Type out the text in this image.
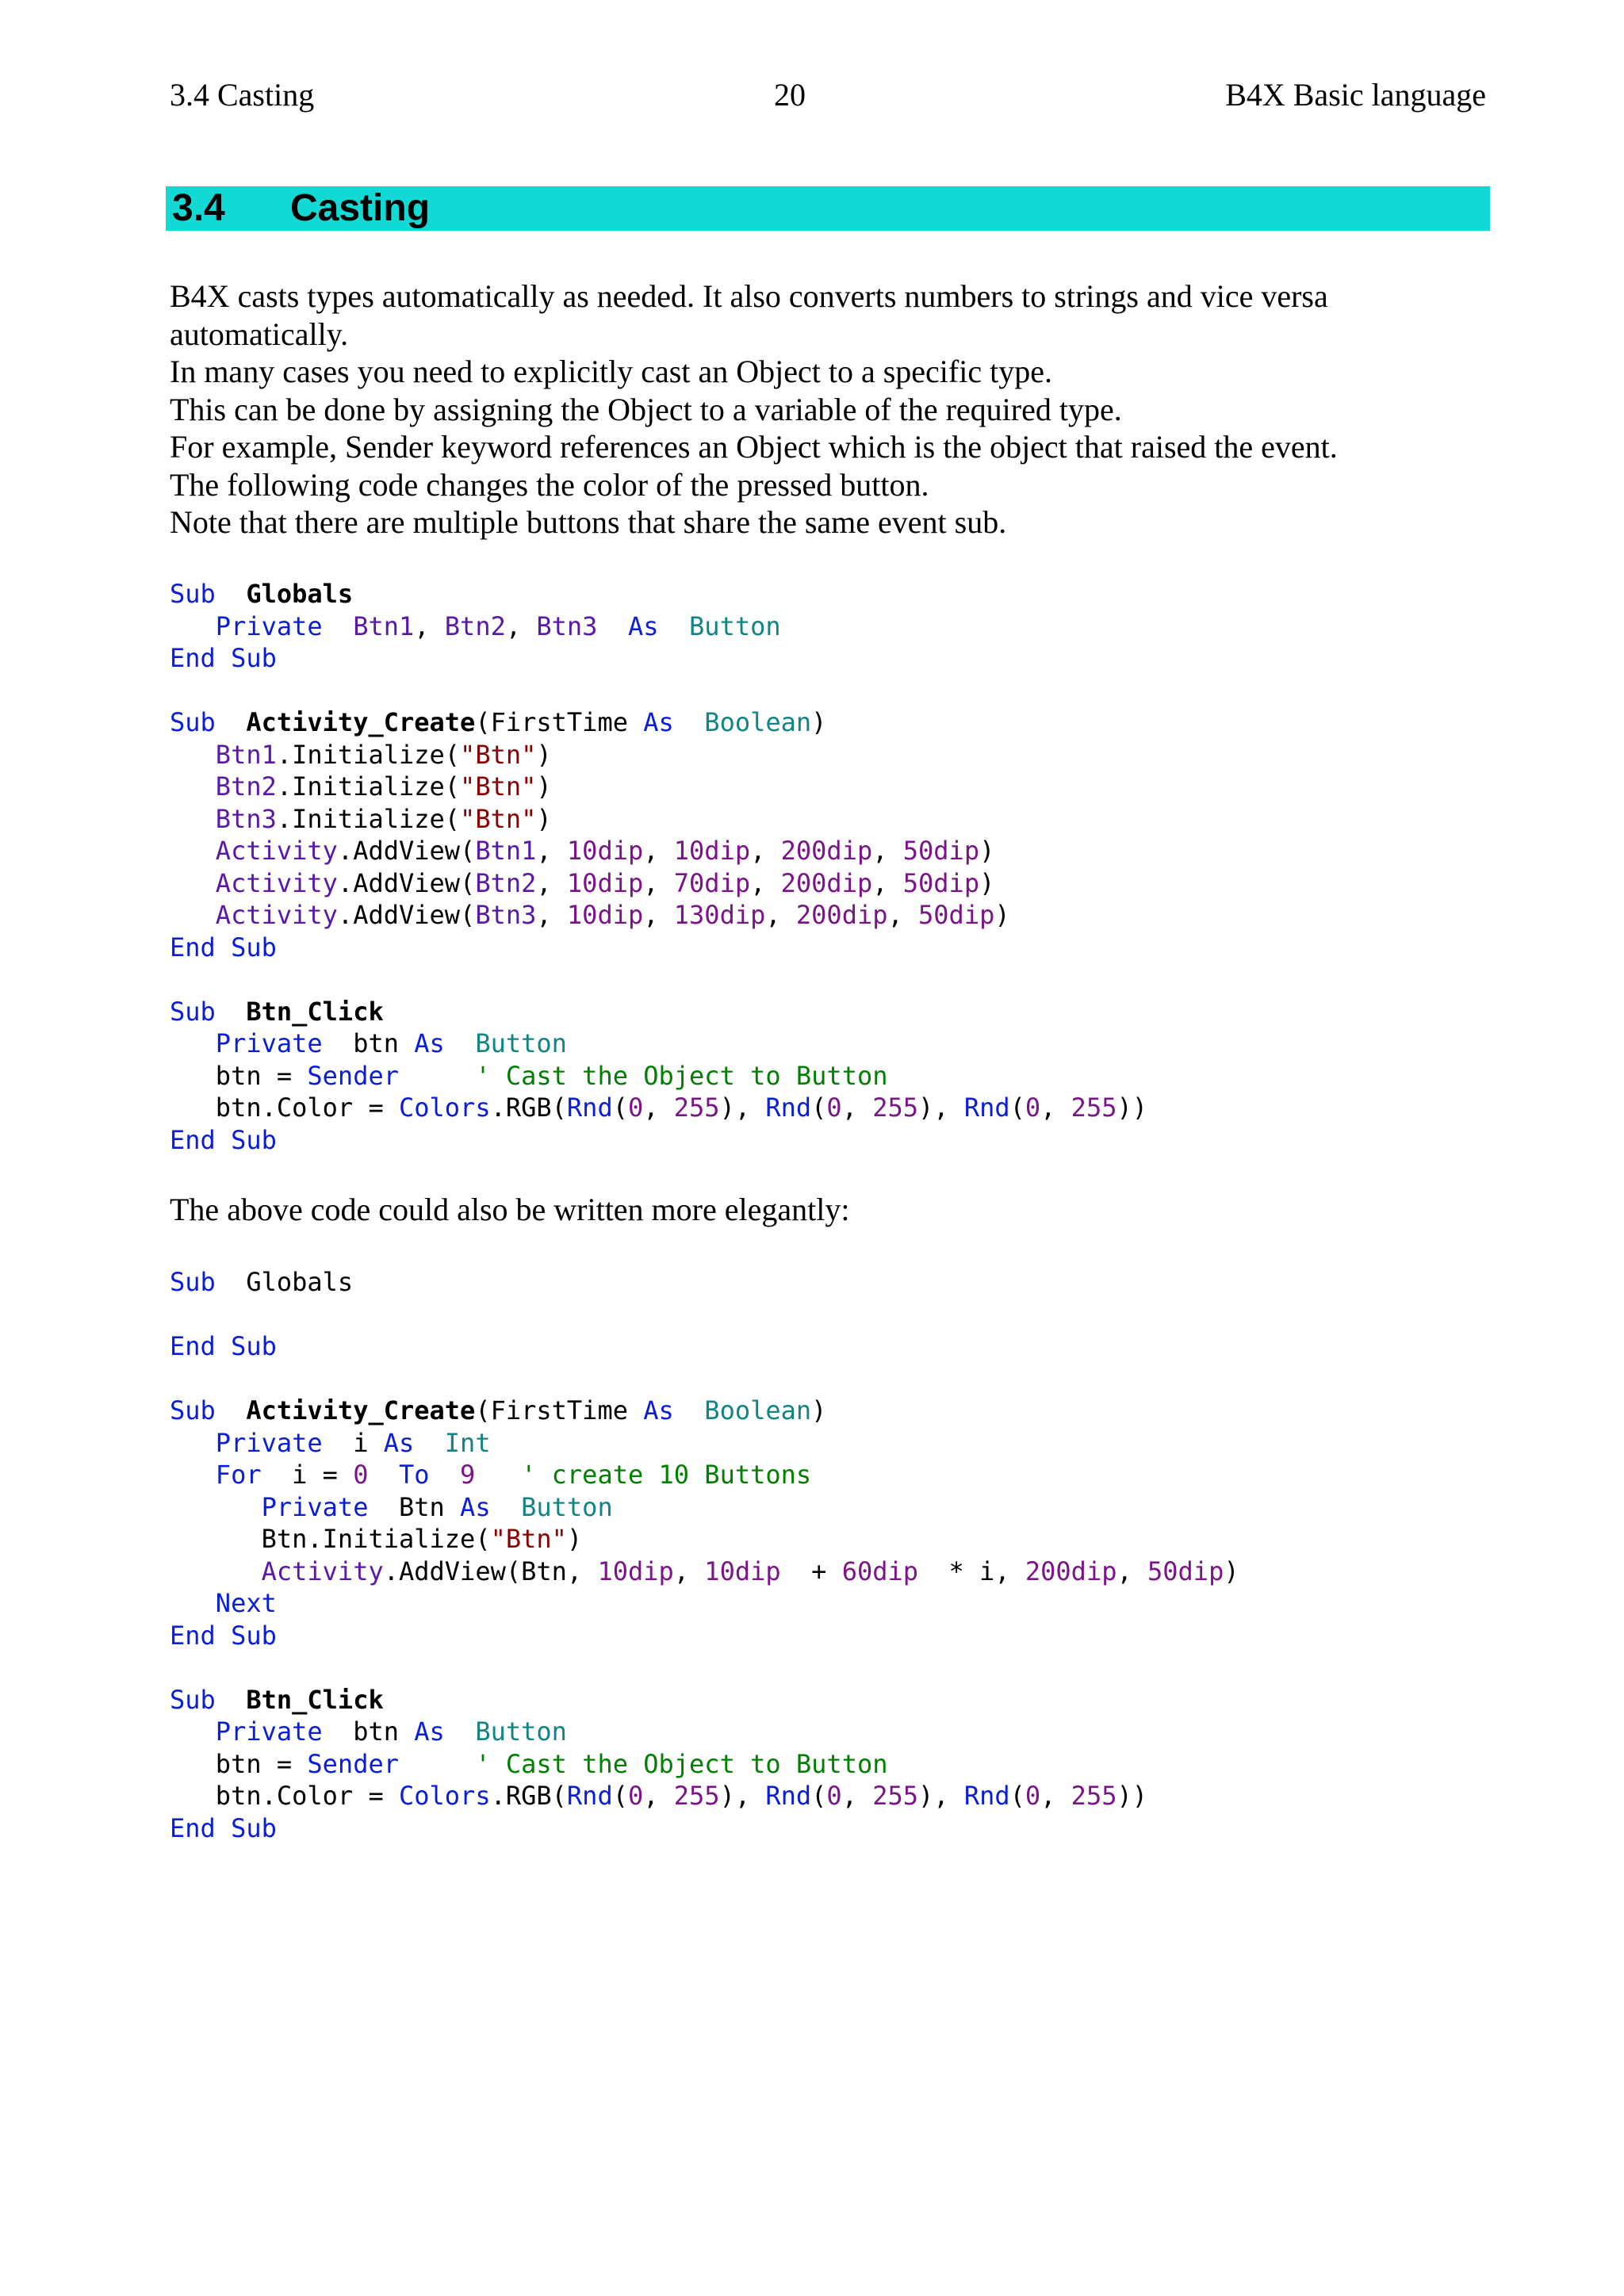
3.4 Casting	20	B4X Basic language
3.4 Casting
B4X casts types automatically as needed. It also converts numbers to strings and vice versa
automatically.
In many cases you need to explicitly cast an Object to a specific type.
This can be done by assigning the Object to a variable of the required type.
For example, Sender keyword references an Object which is the object that raised the event.
The following code changes the color of the pressed button.
Note that there are multiple buttons that share the same event sub.
Sub Globals
Private Btn1, Btn2, Btn3 As Button
End Sub

Sub Activity_Create(FirstTime As Boolean)
Btn1.Initialize("Btn")
Btn2.Initialize("Btn")
Btn3.Initialize("Btn")
Activity.AddView(Btn1, 10dip, 10dip, 200dip, 50dip)
Activity.AddView(Btn2, 10dip, 70dip, 200dip, 50dip)
Activity.AddView(Btn3, 10dip, 130dip, 200dip, 50dip)
End Sub

Sub Btn_Click
Private  btn As Button
btn = Sender	' Cast the Object to Button
btn.Color = Colors.RGB(Rnd(0, 255), Rnd(0, 255), Rnd(0, 255))
End Sub
The above code could also be written more elegantly:
Sub  Globals

End Sub

Sub Activity_Create(FirstTime As Boolean)
Private  i As Int
For  i = 0 To 9 ' create 10 Buttons
Private  Btn As Button
Btn.Initialize("Btn")
Activity.AddView(Btn, 10dip, 10dip  + 60dip  * i, 200dip, 50dip)
Next
End Sub

Sub Btn_Click
Private  btn As Button
btn = Sender	' Cast the Object to Button
btn.Color = Colors.RGB(Rnd(0, 255), Rnd(0, 255), Rnd(0, 255))
End Sub
